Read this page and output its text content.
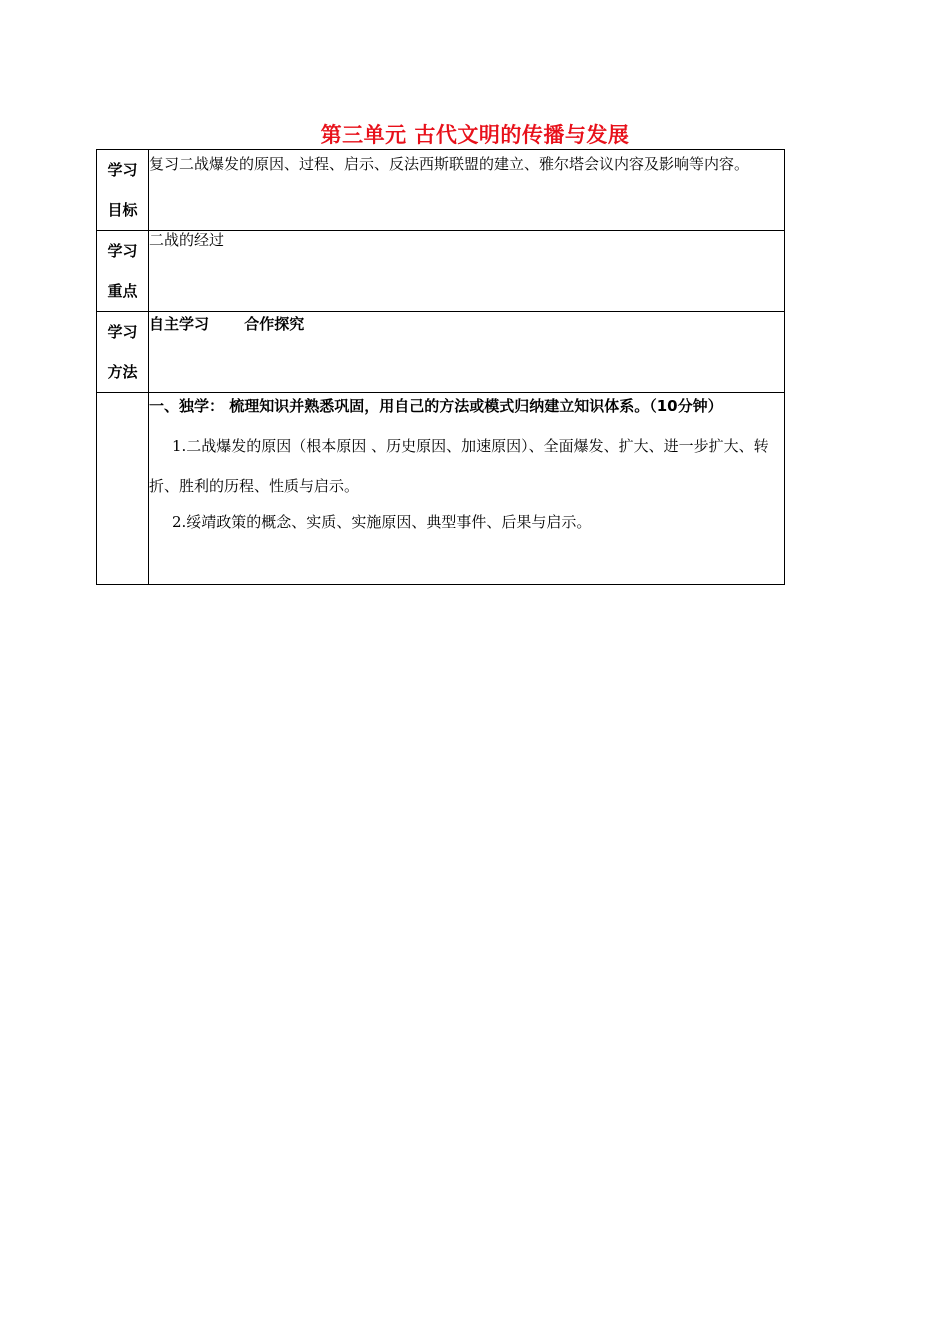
第三单元 古代文明的传播与发展
学习
目标	复习二战爆发的原因、过程、启示、反法西斯联盟的建立、雅尔塔会议内容及影响等内容。

学习
重点	二战的经过

学习
方法	自主学习　　 合作探究

	一、独学： 梳理知识并熟悉巩固，用自己的方法或模式归纳建立知识体系。（10分钟）
1.二战爆发的原因（根本原因 、历史原因、加速原因）、全面爆发、扩大、进一步扩大、转折、胜利的历程、性质与启示。
2.绥靖政策的概念、实质、实施原因、典型事件、后果与启示。
